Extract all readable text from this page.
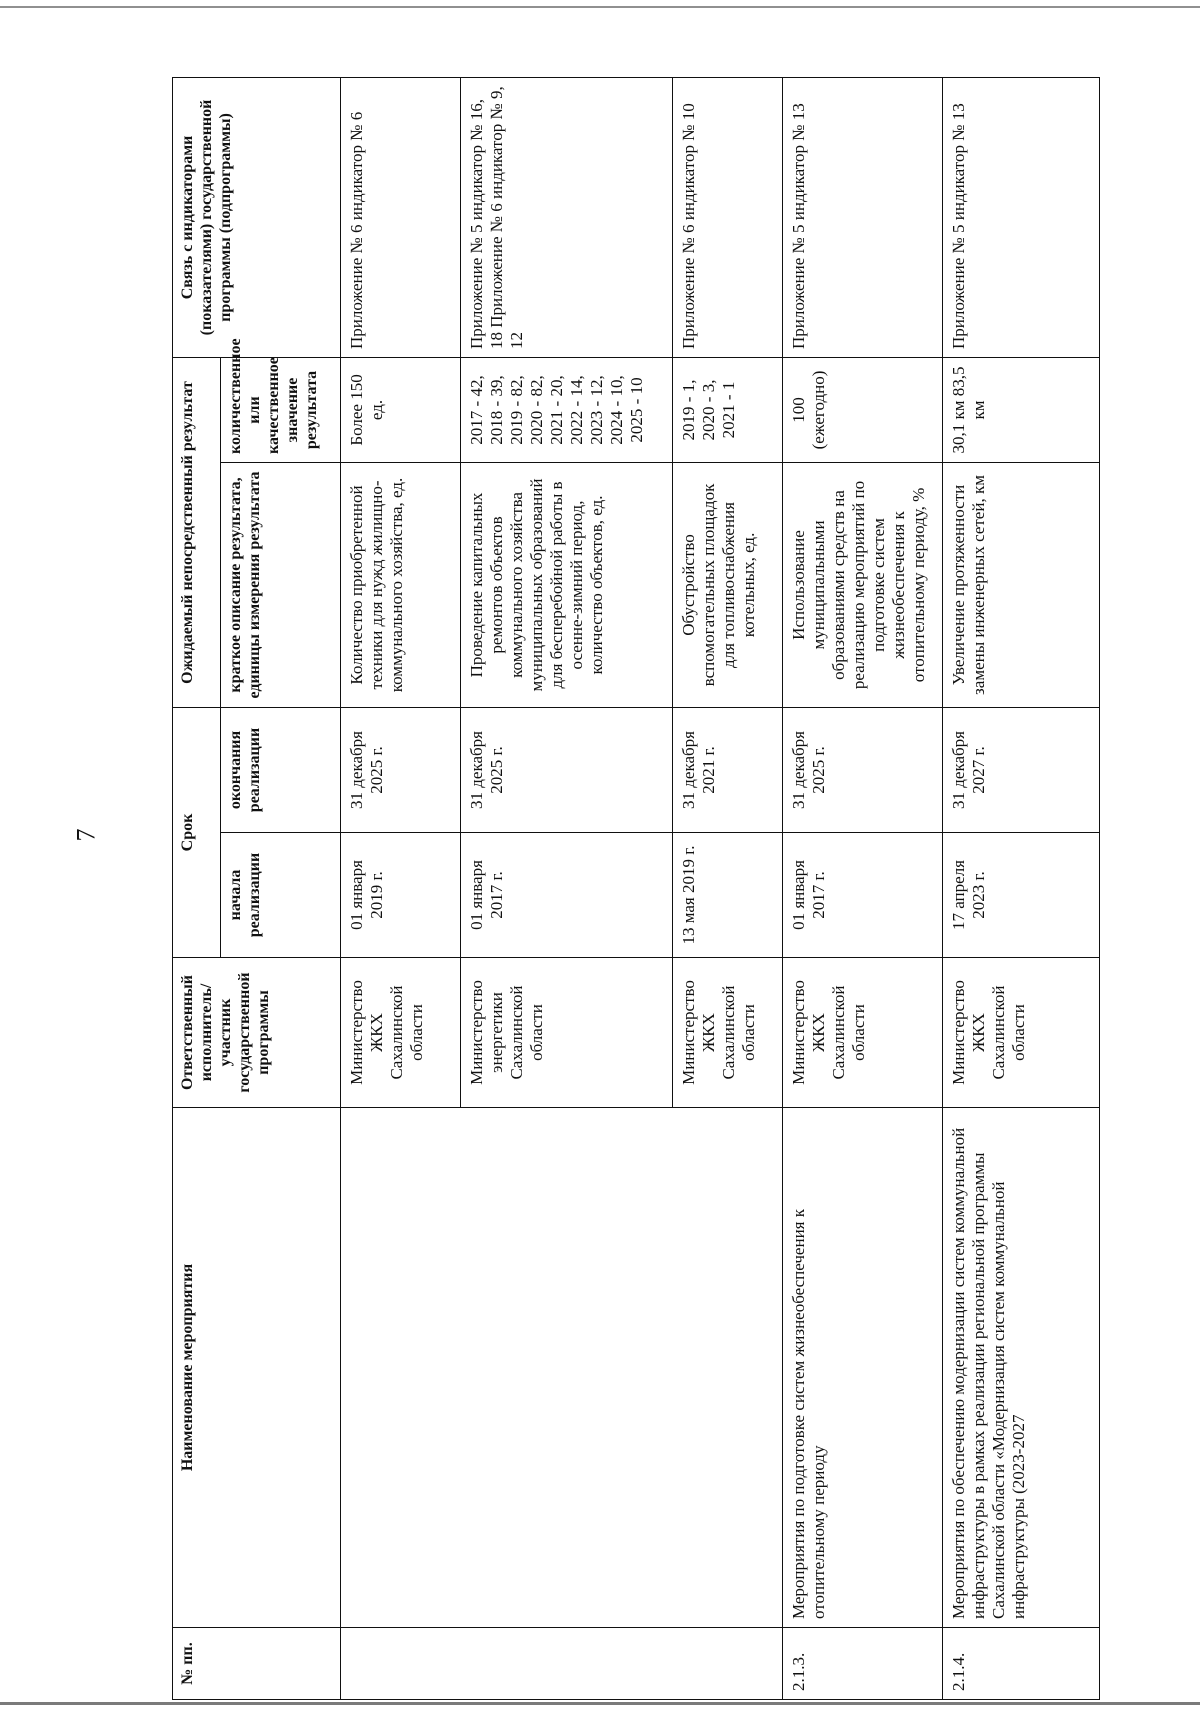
7
№ пп.	Наименование мероприятия	Ответственный исполнитель/ участник государственной программы	Срок		Ожидаемый непосредственный результат		Связь с индикаторами (показателями) государственной программы (подпрограммы)
			начала реализации	окончания реализации	краткое описание результата, единицы измерения результата	количественное или качественное значение результата	
		Министерство ЖКХ Сахалинской области	01 января 2019 г.	31 декабря 2025 г.	Количество приобретенной техники для нужд жилищно-коммунального хозяйства, ед.	Более 150 ед.	Приложение № 6 индикатор № 6
		Министерство энергетики Сахалинской области	01 января 2017 г.	31 декабря 2025 г.	Проведение капитальных ремонтов объектов коммунального хозяйства муниципальных образований для бесперебойной работы в осенне-зимний период, количество объектов, ед.	2017 - 42, 2018 - 39, 2019 - 82, 2020 - 82, 2021 - 20, 2022 - 14, 2023 - 12, 2024 - 10, 2025 - 10	Приложение № 5 индикатор № 16, 18 Приложение № 6 индикатор № 9, 12
		Министерство ЖКХ Сахалинской области	13 мая 2019 г.	31 декабря 2021 г.	Обустройство вспомогательных площадок для топливоснабжения котельных, ед.	2019 - 1, 2020 - 3, 2021 - 1	Приложение № 6 индикатор № 10
2.1.3.	Мероприятия по подготовке систем жизнеобеспечения к отопительному периоду	Министерство ЖКХ Сахалинской области	01 января 2017 г.	31 декабря 2025 г.	Использование муниципальными образованиями средств на реализацию мероприятий по подготовке систем жизнеобеспечения к отопительному периоду, %	100 (ежегодно)	Приложение № 5 индикатор № 13
2.1.4.	Мероприятия по обеспечению модернизации систем коммунальной инфраструктуры в рамках реализации региональной программы Сахалинской области «Модернизация систем коммунальной инфраструктуры (2023-2027	Министерство ЖКХ Сахалинской области	17 апреля 2023 г.	31 декабря 2027 г.	Увеличение протяженности замены инженерных сетей, км	30,1 км 83,5 км	Приложение № 5 индикатор № 13
